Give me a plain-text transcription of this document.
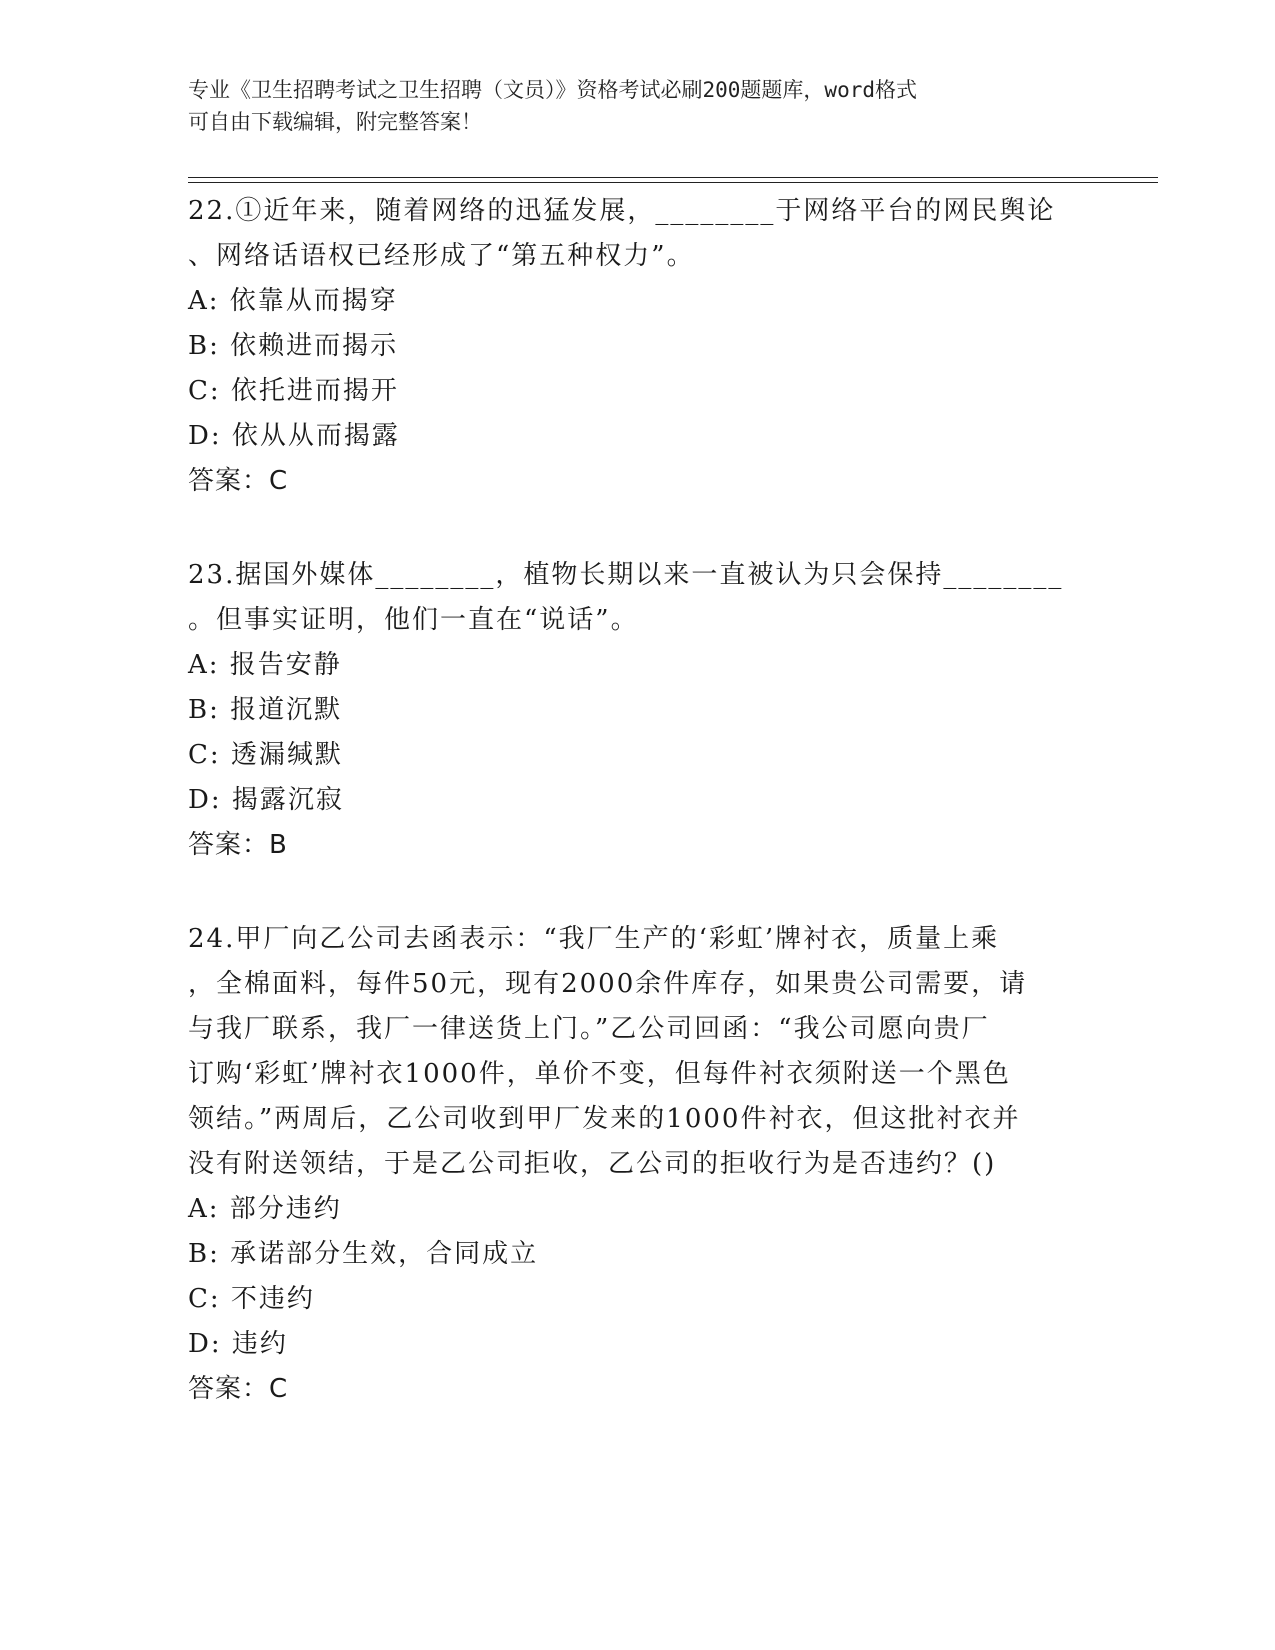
专业《卫生招聘考试之卫生招聘（文员）》资格考试必刷200题题库，word格式
可自由下载编辑，附完整答案！
22.①近年来，随着网络的迅猛发展，________于网络平台的网民舆论
、网络话语权已经形成了“第五种权力”。
A: 依靠从而揭穿
B: 依赖进而揭示
C: 依托进而揭开
D: 依从从而揭露
答案：C
23.据国外媒体________，植物长期以来一直被认为只会保持________
。但事实证明，他们一直在“说话”。
A: 报告安静
B: 报道沉默
C: 透漏缄默
D: 揭露沉寂
答案：B
24.甲厂向乙公司去函表示：“我厂生产的‘彩虹’牌衬衣，质量上乘
，全棉面料，每件50元，现有2000余件库存，如果贵公司需要，请
与我厂联系，我厂一律送货上门。”乙公司回函：“我公司愿向贵厂
订购‘彩虹’牌衬衣1000件，单价不变，但每件衬衣须附送一个黑色
领结。”两周后，乙公司收到甲厂发来的1000件衬衣，但这批衬衣并
没有附送领结，于是乙公司拒收，乙公司的拒收行为是否违约？()
A: 部分违约
B: 承诺部分生效，合同成立
C: 不违约
D: 违约
答案：C
